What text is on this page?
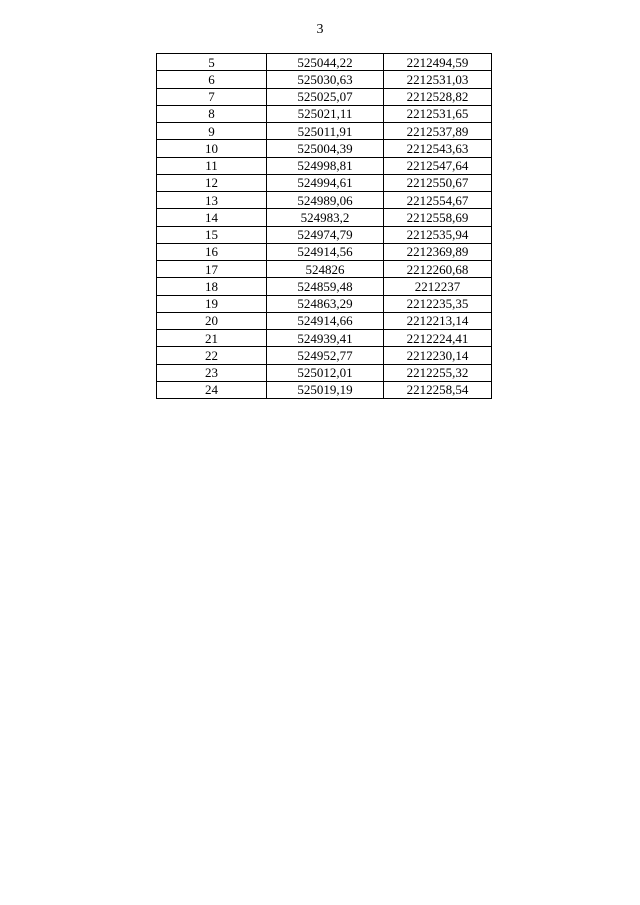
3
5	525044,22	2212494,59
6	525030,63	2212531,03
7	525025,07	2212528,82
8	525021,11	2212531,65
9	525011,91	2212537,89
10	525004,39	2212543,63
11	524998,81	2212547,64
12	524994,61	2212550,67
13	524989,06	2212554,67
14	524983,2	2212558,69
15	524974,79	2212535,94
16	524914,56	2212369,89
17	524826	2212260,68
18	524859,48	2212237
19	524863,29	2212235,35
20	524914,66	2212213,14
21	524939,41	2212224,41
22	524952,77	2212230,14
23	525012,01	2212255,32
24	525019,19	2212258,54
